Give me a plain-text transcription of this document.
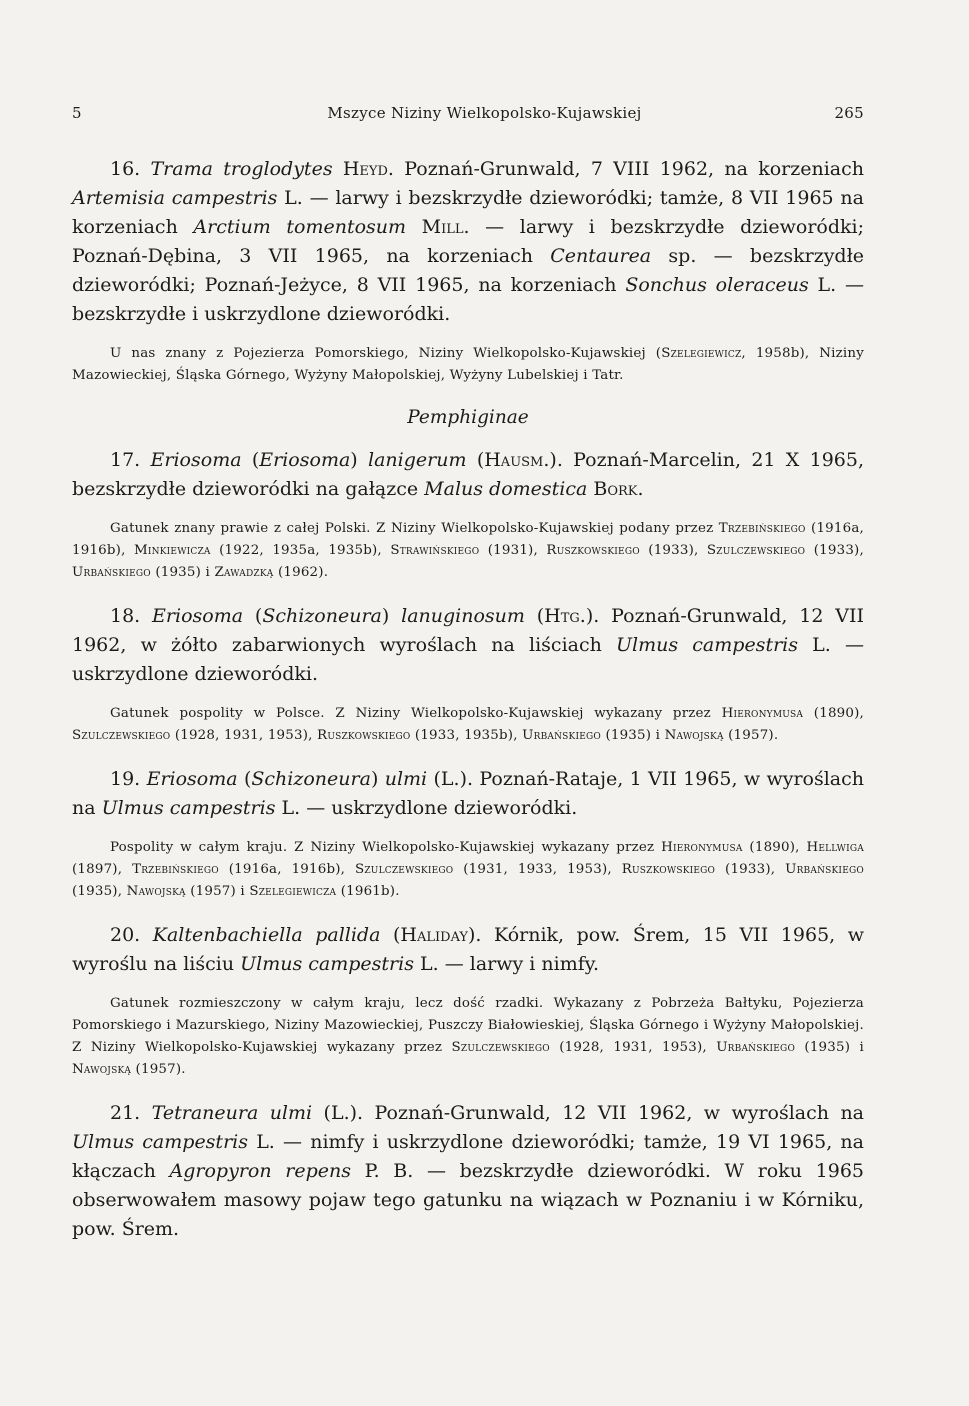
5	Mszyce Niziny Wielkopolsko-Kujawskiej	265

16. Trama troglodytes Heyd. Poznań-Grunwald, 7 VIII 1962, na korzeniach Artemisia campestris L. — larwy i bezskrzydłe dzieworódki; tamże, 8 VII 1965 na korzeniach Arctium tomentosum Mill. — larwy i bezskrzydłe dzieworódki; Poznań-Dębina, 3 VII 1965, na korzeniach Centaurea sp. — bezskrzydłe dzieworódki; Poznań-Jeżyce, 8 VII 1965, na korzeniach Sonchus oleraceus L. — bezskrzydłe i uskrzydlone dzieworódki.

U nas znany z Pojezierza Pomorskiego, Niziny Wielkopolsko-Kujawskiej (Szelegiewicz, 1958b), Niziny Mazowieckiej, Śląska Górnego, Wyżyny Małopolskiej, Wyżyny Lubelskiej i Tatr.

Pemphiginae

17. Eriosoma (Eriosoma) lanigerum (Hausm.). Poznań-Marcelin, 21 X 1965, bezskrzydłe dzieworódki na gałązce Malus domestica Bork.

Gatunek znany prawie z całej Polski. Z Niziny Wielkopolsko-Kujawskiej podany przez Trzebińskiego (1916a, 1916b), Minkiewicza (1922, 1935a, 1935b), Strawińskiego (1931), Ruszkowskiego (1933), Szulczewskiego (1933), Urbańskiego (1935) i Zawadzką (1962).

18. Eriosoma (Schizoneura) lanuginosum (Htg.). Poznań-Grunwald, 12 VII 1962, w żółto zabarwionych wyroślach na liściach Ulmus campestris L. — uskrzydlone dzieworódki.

Gatunek pospolity w Polsce. Z Niziny Wielkopolsko-Kujawskiej wykazany przez Hieronymusa (1890), Szulczewskiego (1928, 1931, 1953), Ruszkowskiego (1933, 1935b), Urbańskiego (1935) i Nawojską (1957).

19. Eriosoma (Schizoneura) ulmi (L.). Poznań-Rataje, 1 VII 1965, w wyroślach na Ulmus campestris L. — uskrzydlone dzieworódki.

Pospolity w całym kraju. Z Niziny Wielkopolsko-Kujawskiej wykazany przez Hieronymusa (1890), Hellwiga (1897), Trzebińskiego (1916a, 1916b), Szulczewskiego (1931, 1933, 1953), Ruszkowskiego (1933), Urbańskiego (1935), Nawojską (1957) i Szelegiewicza (1961b).

20. Kaltenbachiella pallida (Haliday). Kórnik, pow. Śrem, 15 VII 1965, w wyroślu na liściu Ulmus campestris L. — larwy i nimfy.

Gatunek rozmieszczony w całym kraju, lecz dość rzadki. Wykazany z Pobrzeża Bałtyku, Pojezierza Pomorskiego i Mazurskiego, Niziny Mazowieckiej, Puszczy Białowieskiej, Śląska Górnego i Wyżyny Małopolskiej. Z Niziny Wielkopolsko-Kujawskiej wykazany przez Szulczewskiego (1928, 1931, 1953), Urbańskiego (1935) i Nawojską (1957).

21. Tetraneura ulmi (L.). Poznań-Grunwald, 12 VII 1962, w wyroślach na Ulmus campestris L. — nimfy i uskrzydlone dzieworódki; tamże, 19 VI 1965, na kłączach Agropyron repens P. B. — bezskrzydłe dzieworódki. W roku 1965 obserwowałem masowy pojaw tego gatunku na wiązach w Poznaniu i w Kórniku, pow. Śrem.
